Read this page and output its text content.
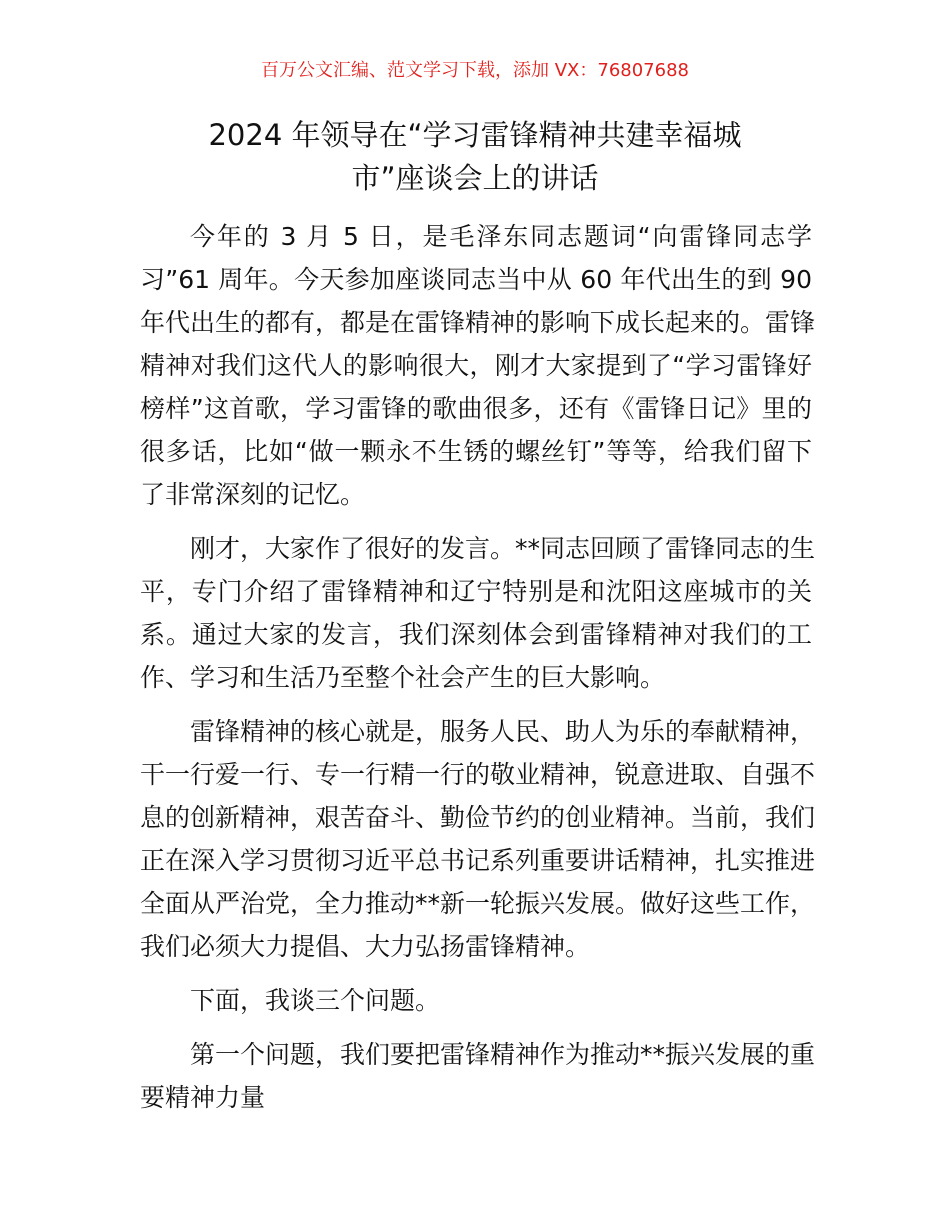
百万公文汇编、范文学习下载，添加 VX：76807688
2024 年领导在“学习雷锋精神共建幸福城
市”座谈会上的讲话
今年的 3 月 5 日，是毛泽东同志题词“向雷锋同志学
习”61 周年。今天参加座谈同志当中从 60 年代出生的到 90
年代出生的都有，都是在雷锋精神的影响下成长起来的。雷锋
精神对我们这代人的影响很大，刚才大家提到了“学习雷锋好
榜样”这首歌，学习雷锋的歌曲很多，还有《雷锋日记》里的
很多话，比如“做一颗永不生锈的螺丝钉”等等，给我们留下
了非常深刻的记忆。
刚才，大家作了很好的发言。**同志回顾了雷锋同志的生
平，专门介绍了雷锋精神和辽宁特别是和沈阳这座城市的关
系。通过大家的发言，我们深刻体会到雷锋精神对我们的工
作、学习和生活乃至整个社会产生的巨大影响。
雷锋精神的核心就是，服务人民、助人为乐的奉献精神，
干一行爱一行、专一行精一行的敬业精神，锐意进取、自强不
息的创新精神，艰苦奋斗、勤俭节约的创业精神。当前，我们
正在深入学习贯彻习近平总书记系列重要讲话精神，扎实推进
全面从严治党，全力推动**新一轮振兴发展。做好这些工作，
我们必须大力提倡、大力弘扬雷锋精神。
下面，我谈三个问题。
第一个问题，我们要把雷锋精神作为推动**振兴发展的重
要精神力量
